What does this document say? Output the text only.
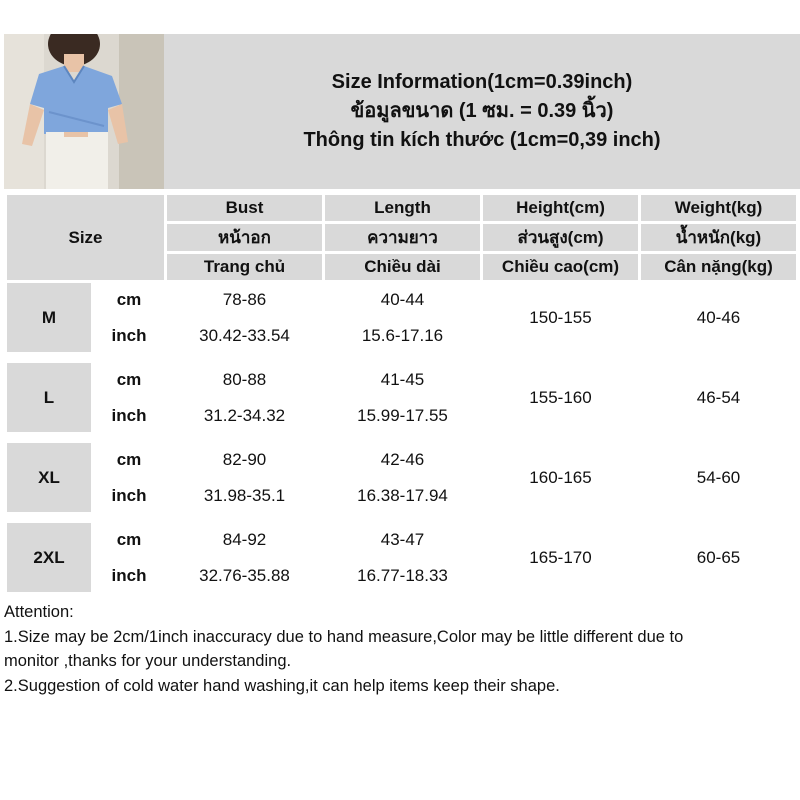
Size Information(1cm=0.39inch)
ข้อมูลขนาด (1 ซม. = 0.39 นิ้ว)
Thông tin kích thước (1cm=0,39 inch)
Size		Bust	Length	Height(cm)	Weight(kg)
		หน้าอก	ความยาว	ส่วนสูง(cm)	น้ำหนัก(kg)
		Trang chủ	Chiều dài	Chiều cao(cm)	Cân nặng(kg)
M	cm	78-86	40-44	150-155	40-46
	inch	30.42-33.54	15.6-17.16		

L	cm	80-88	41-45	155-160	46-54
	inch	31.2-34.32	15.99-17.55		

XL	cm	82-90	42-46	160-165	54-60
	inch	31.98-35.1	16.38-17.94		

2XL	cm	84-92	43-47	165-170	60-65
	inch	32.76-35.88	16.77-18.33		
Attention:
1.Size may be 2cm/1inch inaccuracy due to hand measure,Color may be little different due to
monitor ,thanks for your understanding.
2.Suggestion of cold water hand washing,it can help items keep their shape.
